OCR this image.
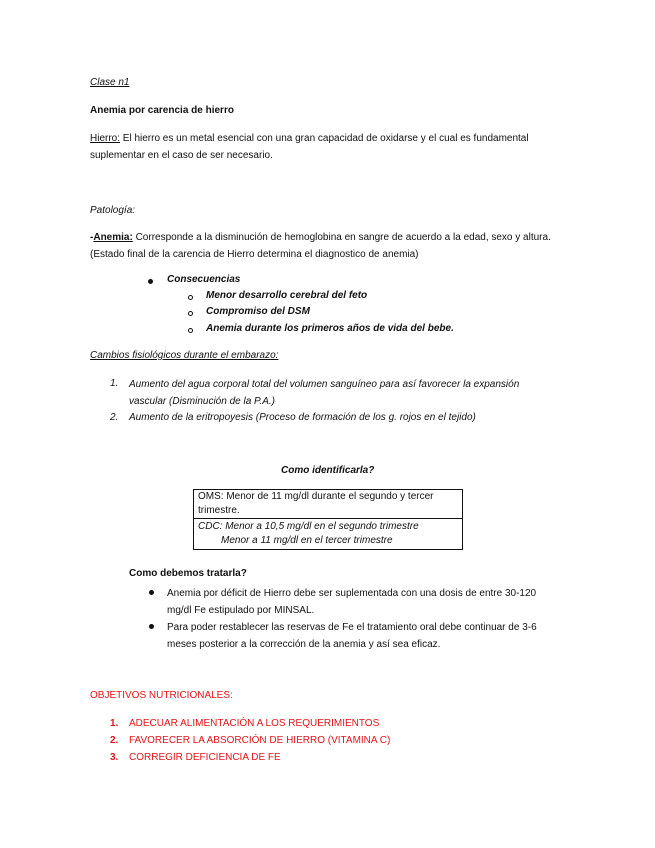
Clase n1
Anemia por carencia de hierro
Hierro: El hierro es un metal esencial con una gran capacidad de oxidarse y el cual es fundamental suplementar en el caso de ser necesario.
Patología:
-Anemia: Corresponde a la disminución de hemoglobina en sangre de acuerdo a la edad, sexo y altura. (Estado final de la carencia de Hierro determina el diagnostico de anemia)
Consecuencias
Menor desarrollo cerebral del feto
Compromiso del DSM
Anemia durante los primeros años de vida del bebe.
Cambios fisiológicos durante el embarazo:
1. Aumento del agua corporal total del volumen sanguíneo para así favorecer la expansión vascular (Disminución de la P.A.)
2. Aumento de la eritropoyesis (Proceso de formación de los g. rojos en el tejido)
Como identificarla?
OMS: Menor de 11 mg/dl durante el segundo y tercer trimestre.
CDC: Menor a 10,5 mg/dl en el segundo trimestre
Menor a 11 mg/dl en el tercer trimestre
Como debemos tratarla?
Anemia por déficit de Hierro debe ser suplementada con una dosis de entre 30-120 mg/dl Fe estipulado por MINSAL.
Para poder restablecer las reservas de Fe el tratamiento oral debe continuar de 3-6 meses posterior a la corrección de la anemia y así sea eficaz.
OBJETIVOS NUTRICIONALES:
1. ADECUAR ALIMENTACIÓN A LOS REQUERIMIENTOS
2. FAVORECER LA ABSORCIÓN DE HIERRO (VITAMINA C)
3. CORREGIR DEFICIENCIA DE FE
